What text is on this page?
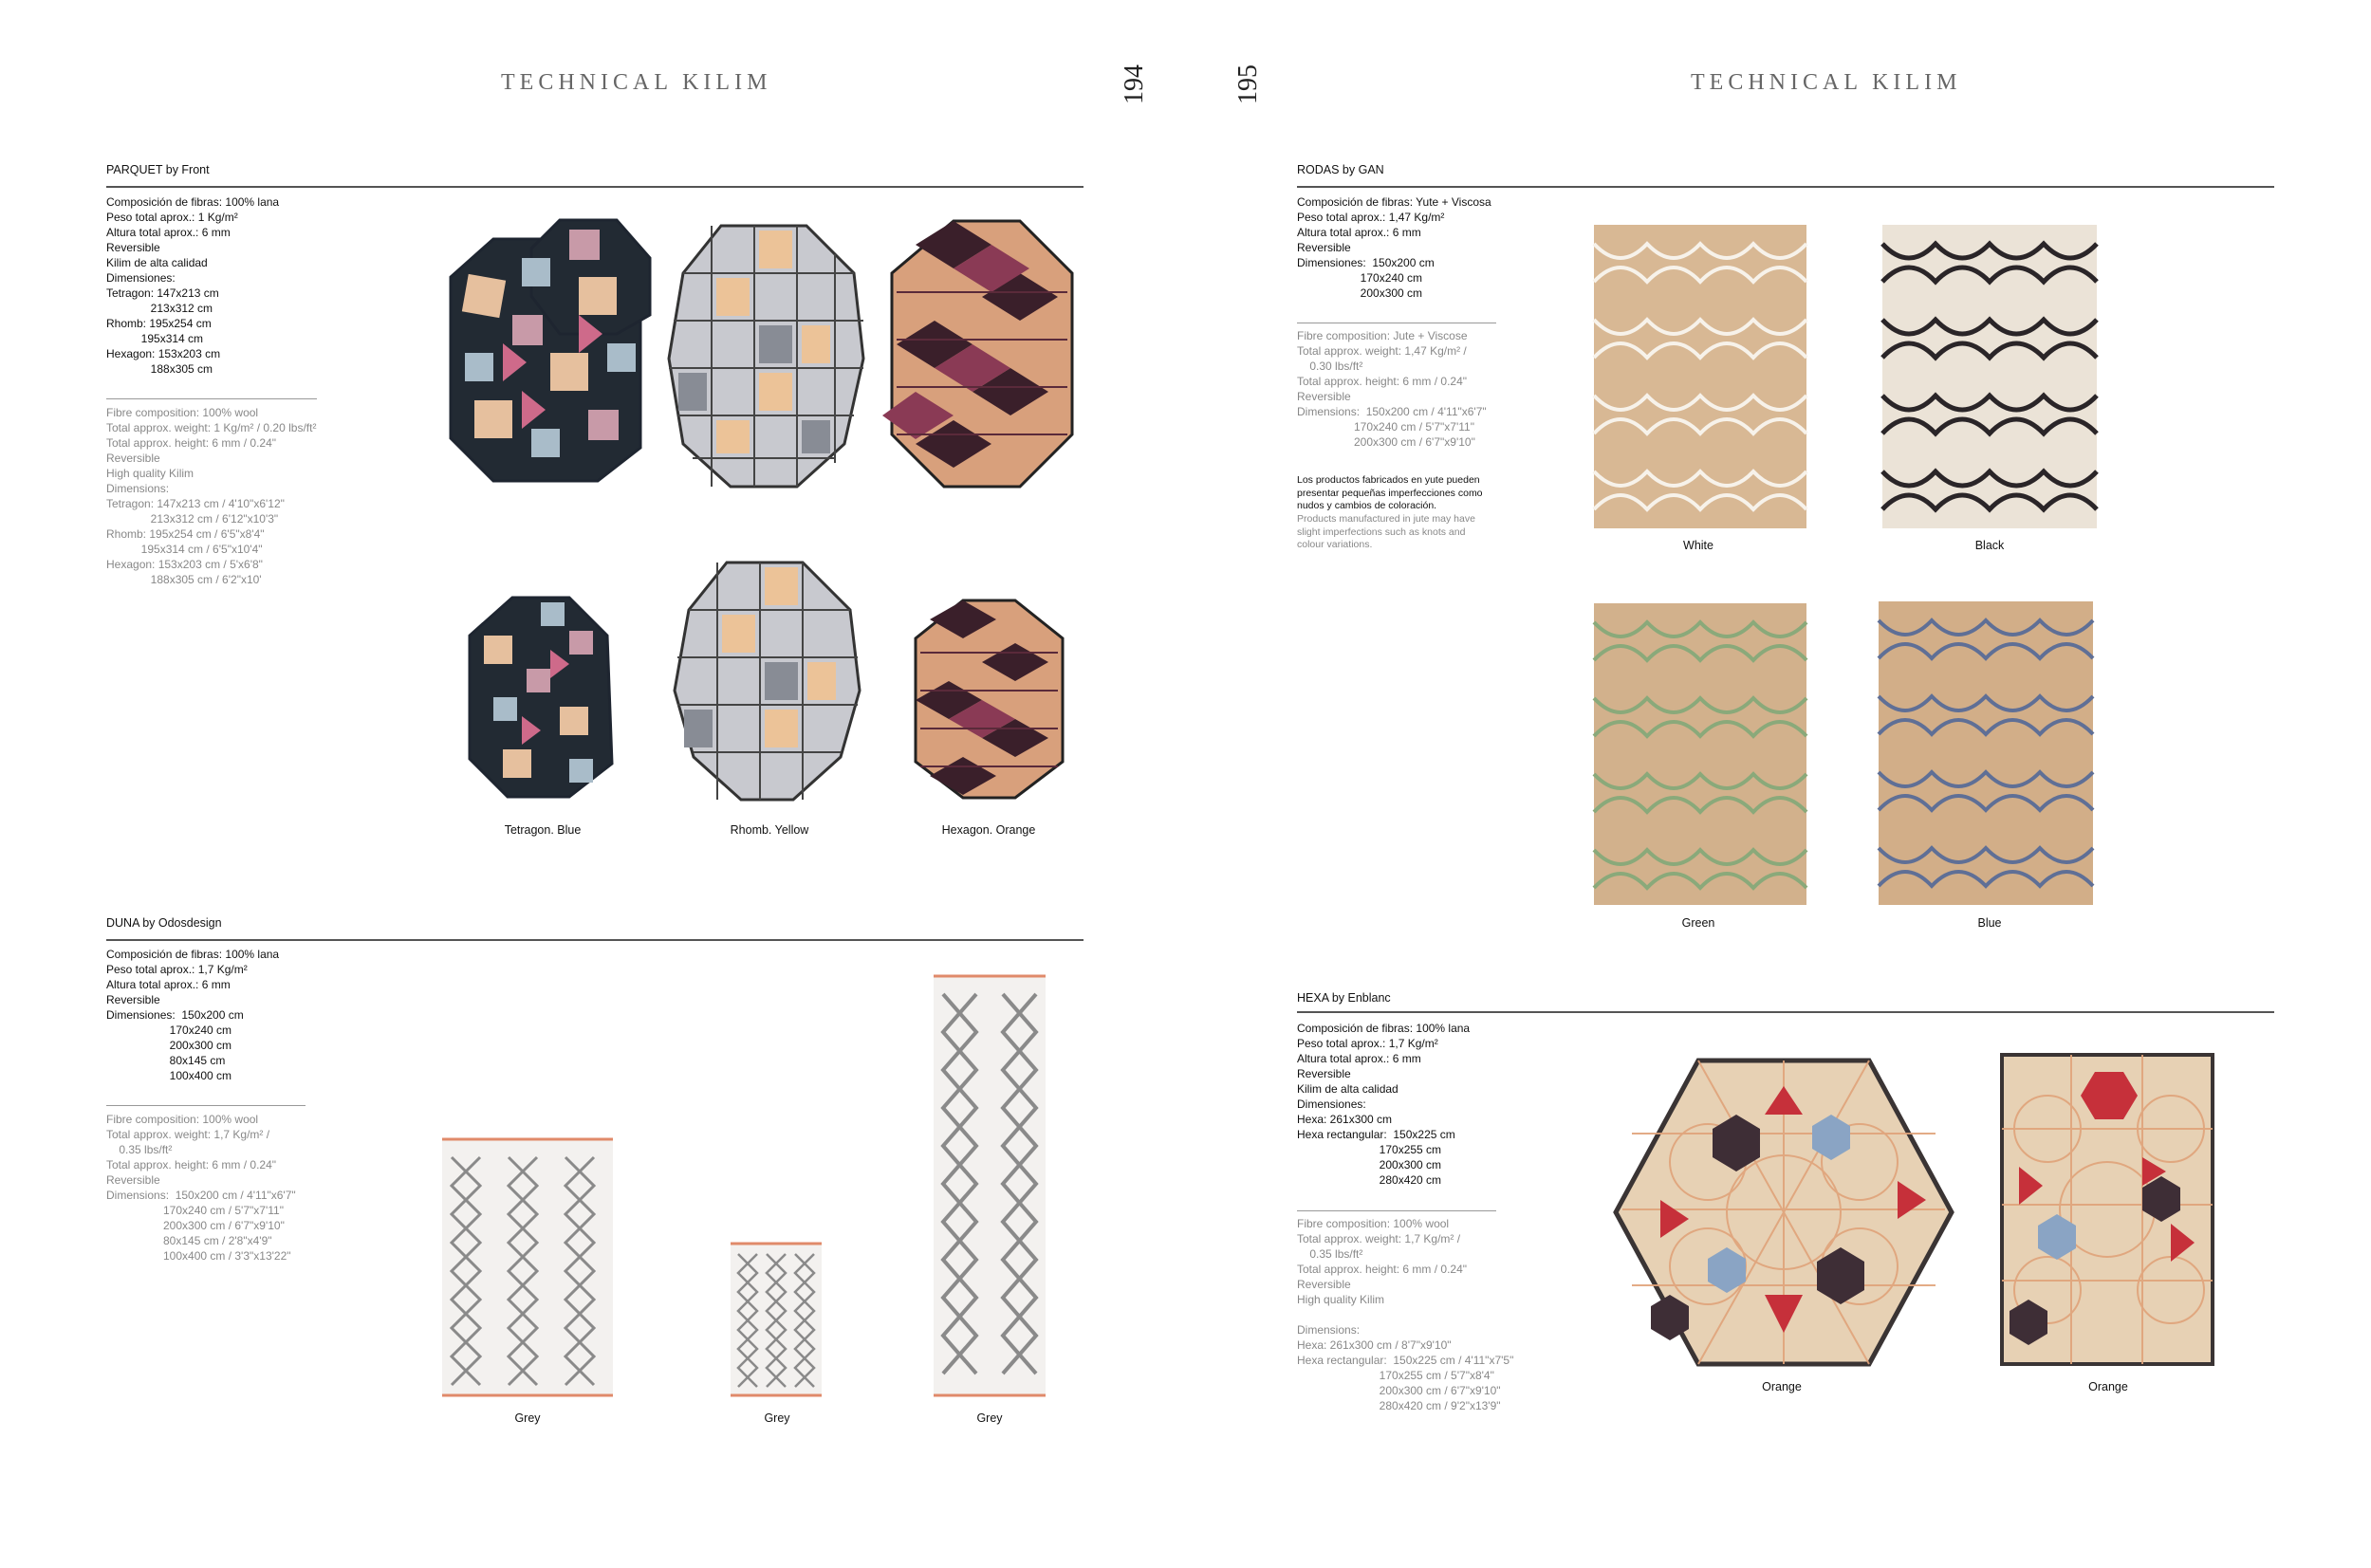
TECHNICAL KILIM	194
PARQUET by Front
Composición de fibras: 100% lana
Peso total aprox.: 1 Kg/m²
Altura total aprox.: 6 mm
Reversible
Kilim de alta calidad
Dimensiones:
Tetragon: 147x213 cm
213x312 cm
Rhomb: 195x254 cm
195x314 cm
Hexagon: 153x203 cm
188x305 cm
Fibre composition: 100% wool
Total approx. weight: 1 Kg/m² / 0.20 lbs/ft²
Total approx. height: 6 mm / 0.24"
Reversible
High quality Kilim
Dimensions:
Tetragon: 147x213 cm / 4'10"x6'12"
213x312 cm / 6'12"x10'3"
Rhomb: 195x254 cm / 6'5"x8'4"
195x314 cm / 6'5"x10'4"
Hexagon: 153x203 cm / 5'x6'8"
188x305 cm / 6'2"x10'
Tetragon. Blue	Rhomb. Yellow	Hexagon. Orange
DUNA by Odosdesign
Composición de fibras: 100% lana
Peso total aprox.: 1,7 Kg/m²
Altura total aprox.: 6 mm
Reversible
Dimensiones:  150x200 cm
170x240 cm
200x300 cm
80x145 cm
100x400 cm
Fibre composition: 100% wool
Total approx. weight: 1,7 Kg/m² /
0.35 lbs/ft²
Total approx. height: 6 mm / 0.24"
Reversible
Dimensions:  150x200 cm / 4'11"x6'7"
170x240 cm / 5'7"x7'11"
200x300 cm / 6'7"x9'10"
80x145 cm / 2'8"x4'9"
100x400 cm / 3'3"x13'22"
Grey	Grey	Grey
195	TECHNICAL KILIM
RODAS by GAN
Composición de fibras: Yute + Viscosa
Peso total aprox.: 1,47 Kg/m²
Altura total aprox.: 6 mm
Reversible
Dimensiones:  150x200 cm
170x240 cm
200x300 cm
Fibre composition: Jute + Viscose
Total approx. weight: 1,47 Kg/m² /
0.30 lbs/ft²
Total approx. height: 6 mm / 0.24"
Reversible
Dimensions:  150x200 cm / 4'11"x6'7"
170x240 cm / 5'7"x7'11"
200x300 cm / 6'7"x9'10"
Los productos fabricados en yute pueden
presentar pequeñas imperfecciones como
nudos y cambios de coloración.
Products manufactured in jute may have
slight imperfections such as knots and
colour variations.	White	Black
Green	Blue
HEXA by Enblanc
Composición de fibras: 100% lana
Peso total aprox.: 1,7 Kg/m²
Altura total aprox.: 6 mm
Reversible
Kilim de alta calidad
Dimensiones:
Hexa: 261x300 cm
Hexa rectangular:  150x225 cm
170x255 cm
200x300 cm
280x420 cm
Fibre composition: 100% wool
Total approx. weight: 1,7 Kg/m² /
0.35 lbs/ft²
Total approx. height: 6 mm / 0.24"
Reversible
High quality Kilim

Dimensions:
Hexa: 261x300 cm / 8'7"x9'10"
Hexa rectangular:  150x225 cm / 4'11"x7'5"
170x255 cm / 5'7"x8'4"
200x300 cm / 6'7"x9'10"
280x420 cm / 9'2"x13'9"
Orange	Orange
